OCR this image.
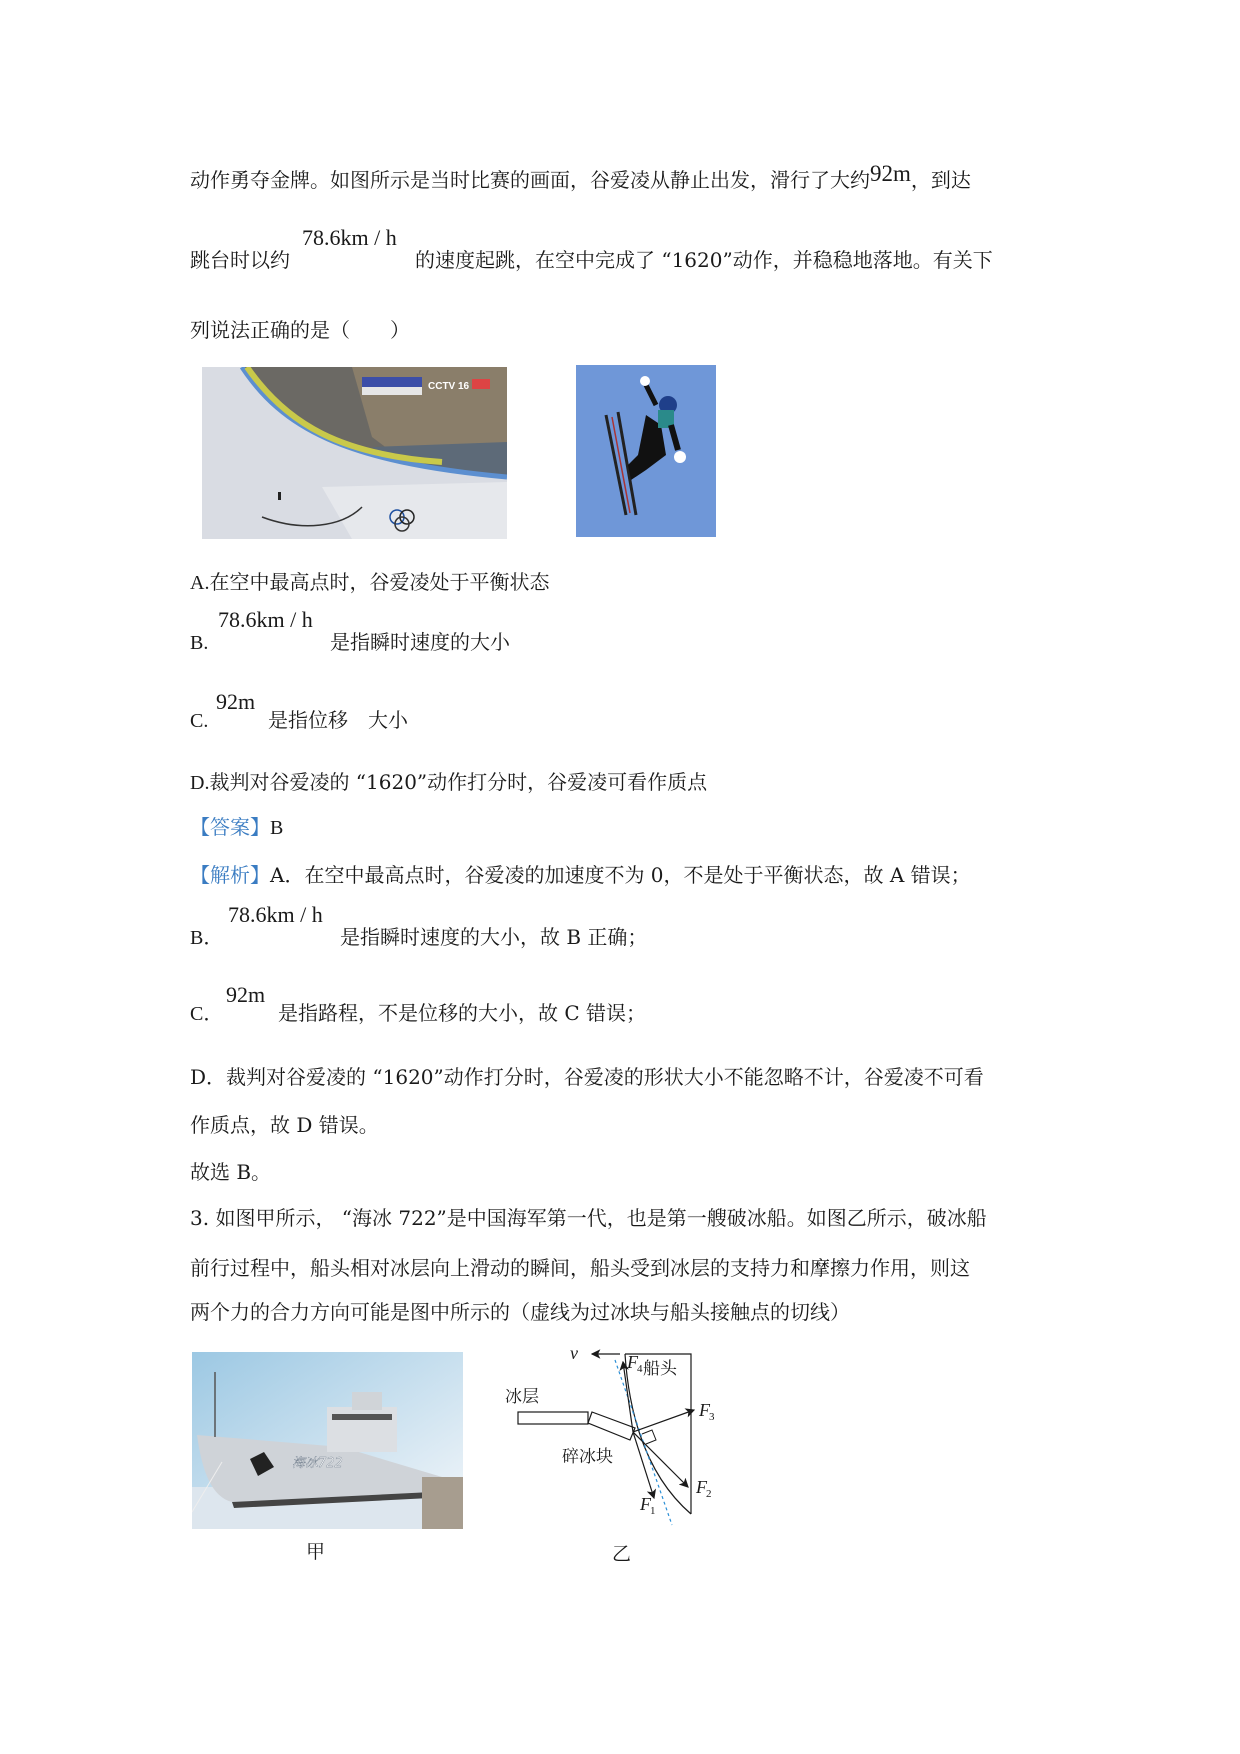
动作勇夺金牌。如图所示是当时比赛的画面，谷爱凌从静止出发，滑行了大约92m，到达
跳台时以约
78.6km / h
的速度起跳，在空中完成了 “1620”动作，并稳稳地落地。有关下
列说法正确的是（　　）
CCTV 16
A.在空中最高点时，谷爱凌处于平衡状态
B.
78.6km / h
是指瞬时速度的大小
C.
92m
是指位移　大小
D.裁判对谷爱凌的 “1620”动作打分时，谷爱凌可看作质点
【答案】B
【解析】A．在空中最高点时，谷爱凌的加速度不为 0，不是处于平衡状态，故 A 错误；
B．
78.6km / h
是指瞬时速度的大小，故 B 正确；
C．
92m
是指路程，不是位移的大小，故 C 错误；
D．裁判对谷爱凌的 “1620”动作打分时，谷爱凌的形状大小不能忽略不计，谷爱凌不可看
作质点，故 D 错误。
故选 B。
3. 如图甲所示， “海冰 722”是中国海军第一代，也是第一艘破冰船。如图乙所示，破冰船
前行过程中，船头相对冰层向上滑动的瞬间，船头受到冰层的支持力和摩擦力作用，则这
两个力的合力方向可能是图中所示的（虚线为过冰块与船头接触点的切线）
海冰722
甲
v
冰层
碎冰块
船头
F 4
F 3
F 2
F 1
乙
